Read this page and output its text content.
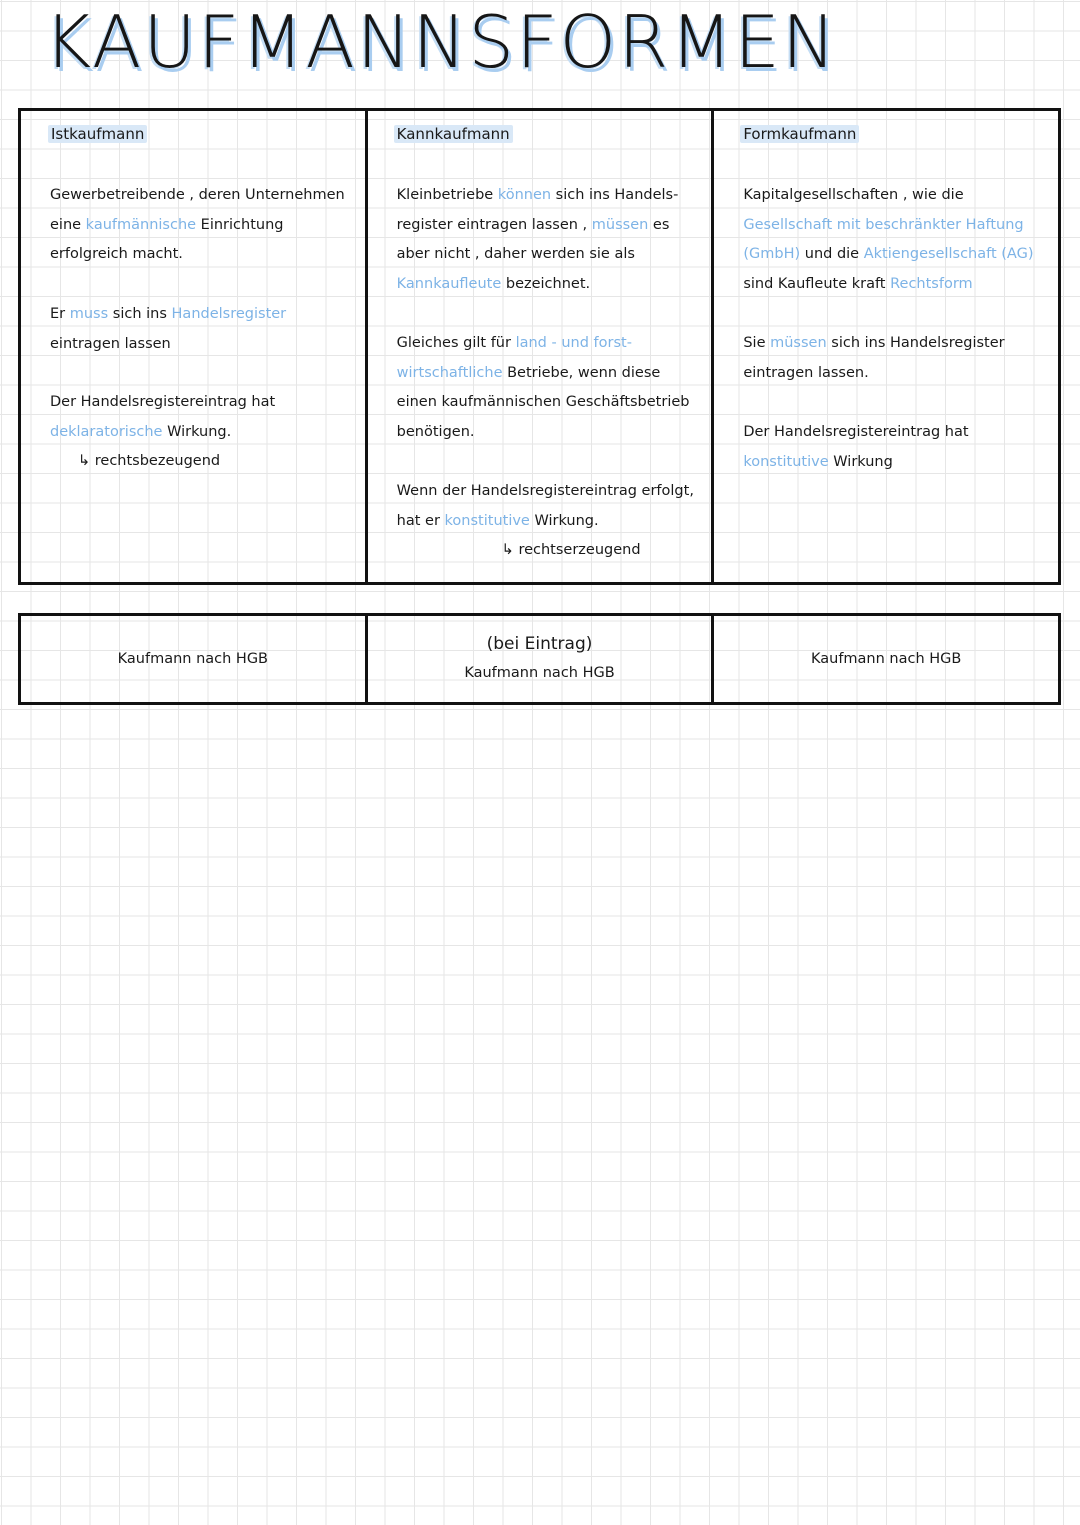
KAUFMANNSFORMEN
Istkaufmann

Gewerbetreibende , deren Unternehmen eine kaufmännische Einrichtung erfolgreich macht.

Er muss sich ins Handelsregister eintragen lassen

Der Handelsregistereintrag hat deklaratorische Wirkung.
↳ rechtsbezeugend

Kannkaufmann

Kleinbetriebe können sich ins Handels-register eintragen lassen , müssen es aber nicht , daher werden sie als Kannkaufleute bezeichnet.

Gleiches gilt für land - und forst-wirtschaftliche Betriebe, wenn diese einen kaufmännischen Geschäftsbetrieb benötigen.

Wenn der Handelsregistereintrag erfolgt, hat er konstitutive Wirkung.
↳ rechtserzeugend

Formkaufmann

Kapitalgesellschaften , wie die Gesellschaft mit beschränkter Haftung (GmbH) und die Aktiengesellschaft (AG) sind Kaufleute kraft Rechtsform

Sie müssen sich ins Handelsregister eintragen lassen.

Der Handelsregistereintrag hat konstitutive Wirkung

Kaufmann nach HGB
(bei Eintrag)
Kaufmann nach HGB
Kaufmann nach HGB
